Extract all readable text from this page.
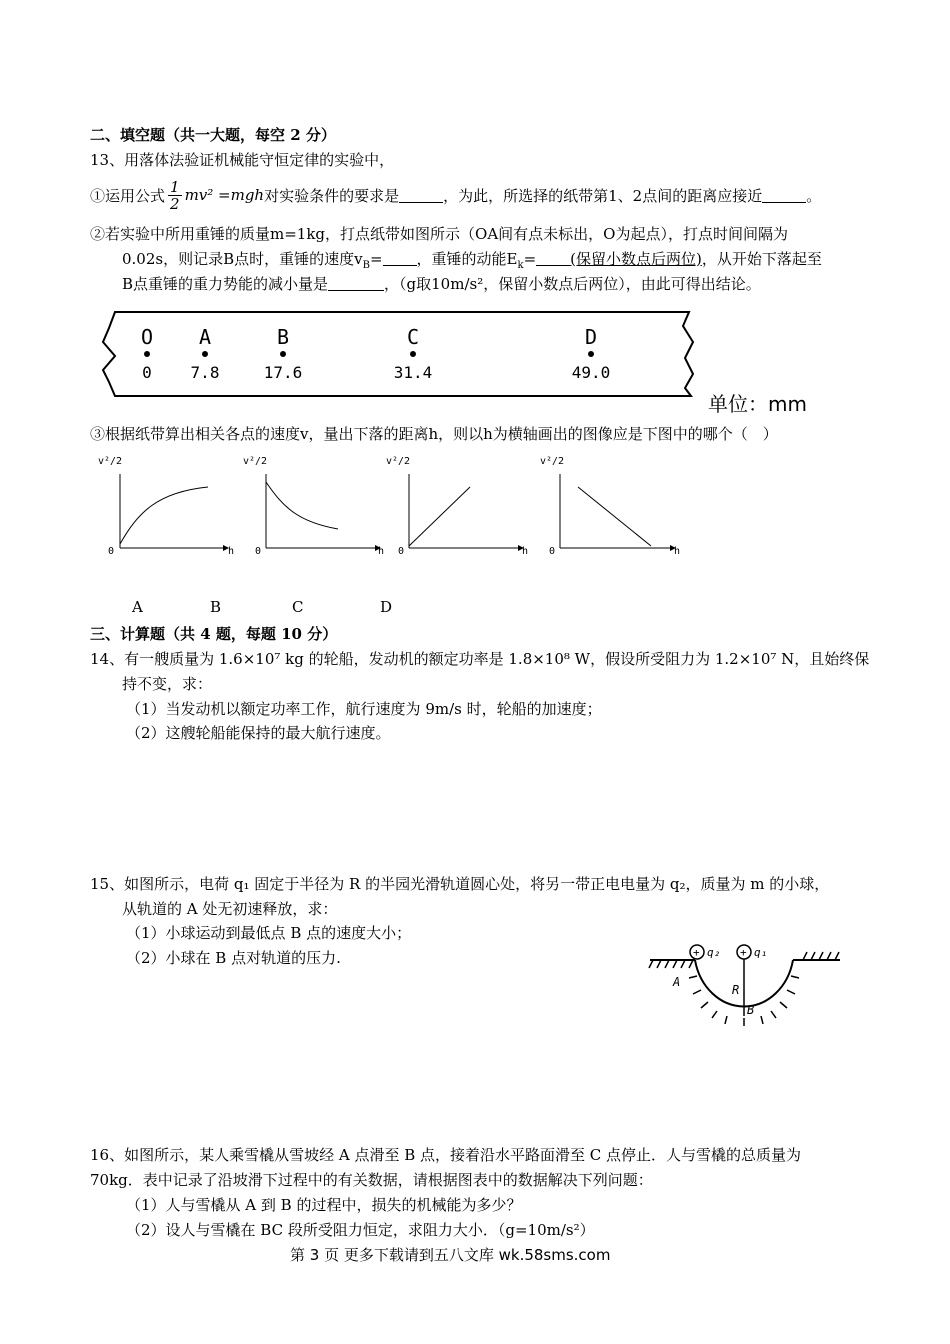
二、填空题（共一大题，每空 2 分）
13、用落体法验证机械能守恒定律的实验中，
①运用公式 $\frac{1}{2} mv^2 =mgh$ 对实验条件的要求是	，为此，所选择的纸带第1、2点间的距离应接近	。
②若实验中所用重锤的质量m=1kg，打点纸带如图所示（OA间有点未标出，O为起点），打点时间间隔为
0.02s，则记录B点时，重锤的速度$v_B=$ ，重锤的动能$E_k=$ (保留小数点后两位)，从开始下落起至
B点重锤的重力势能的减小量是	，（g取10m/s²，保留小数点后两位），由此可得出结论。
O
0
A
7.8
B
17.6
C
31.4
D
49.0
单位：mm
③根据纸带算出相关各点的速度v，量出下落的距离h，则以h为横轴画出的图像应是下图中的哪个（　）
v²/2
0	h
v²/2
0	h
v²/2
0	h
v²/2
0	h
A	B	C	D
三、计算题（共 4 题，每题 10 分）
14、有一艘质量为 1.6×10⁷ kg 的轮船，发动机的额定功率是 1.8×10⁸ W，假设所受阻力为 1.2×10⁷ N，且始终保
持不变，求：
（1）当发动机以额定功率工作，航行速度为 9m/s 时，轮船的加速度；
（2）这艘轮船能保持的最大航行速度。
15、如图所示，电荷 q₁ 固定于半径为 R 的半园光滑轨道圆心处，将另一带正电电量为 q₂，质量为 m 的小球，
从轨道的 A 处无初速释放，求：
（1）小球运动到最低点 B 点的速度大小；
（2）小球在 B 点对轨道的压力.	+	+
q₂	q₁
A
R
B
16、如图所示，某人乘雪橇从雪坡经 A 点滑至 B 点，接着沿水平路面滑至 C 点停止．人与雪橇的总质量为
70kg．表中记录了沿坡滑下过程中的有关数据，请根据图表中的数据解决下列问题：
（1）人与雪橇从 A 到 B 的过程中，损失的机械能为多少？
（2）设人与雪橇在 BC 段所受阻力恒定，求阻力大小．（g=10m/s²）
第 3 页 更多下载请到五八文库 wk.58sms.com
